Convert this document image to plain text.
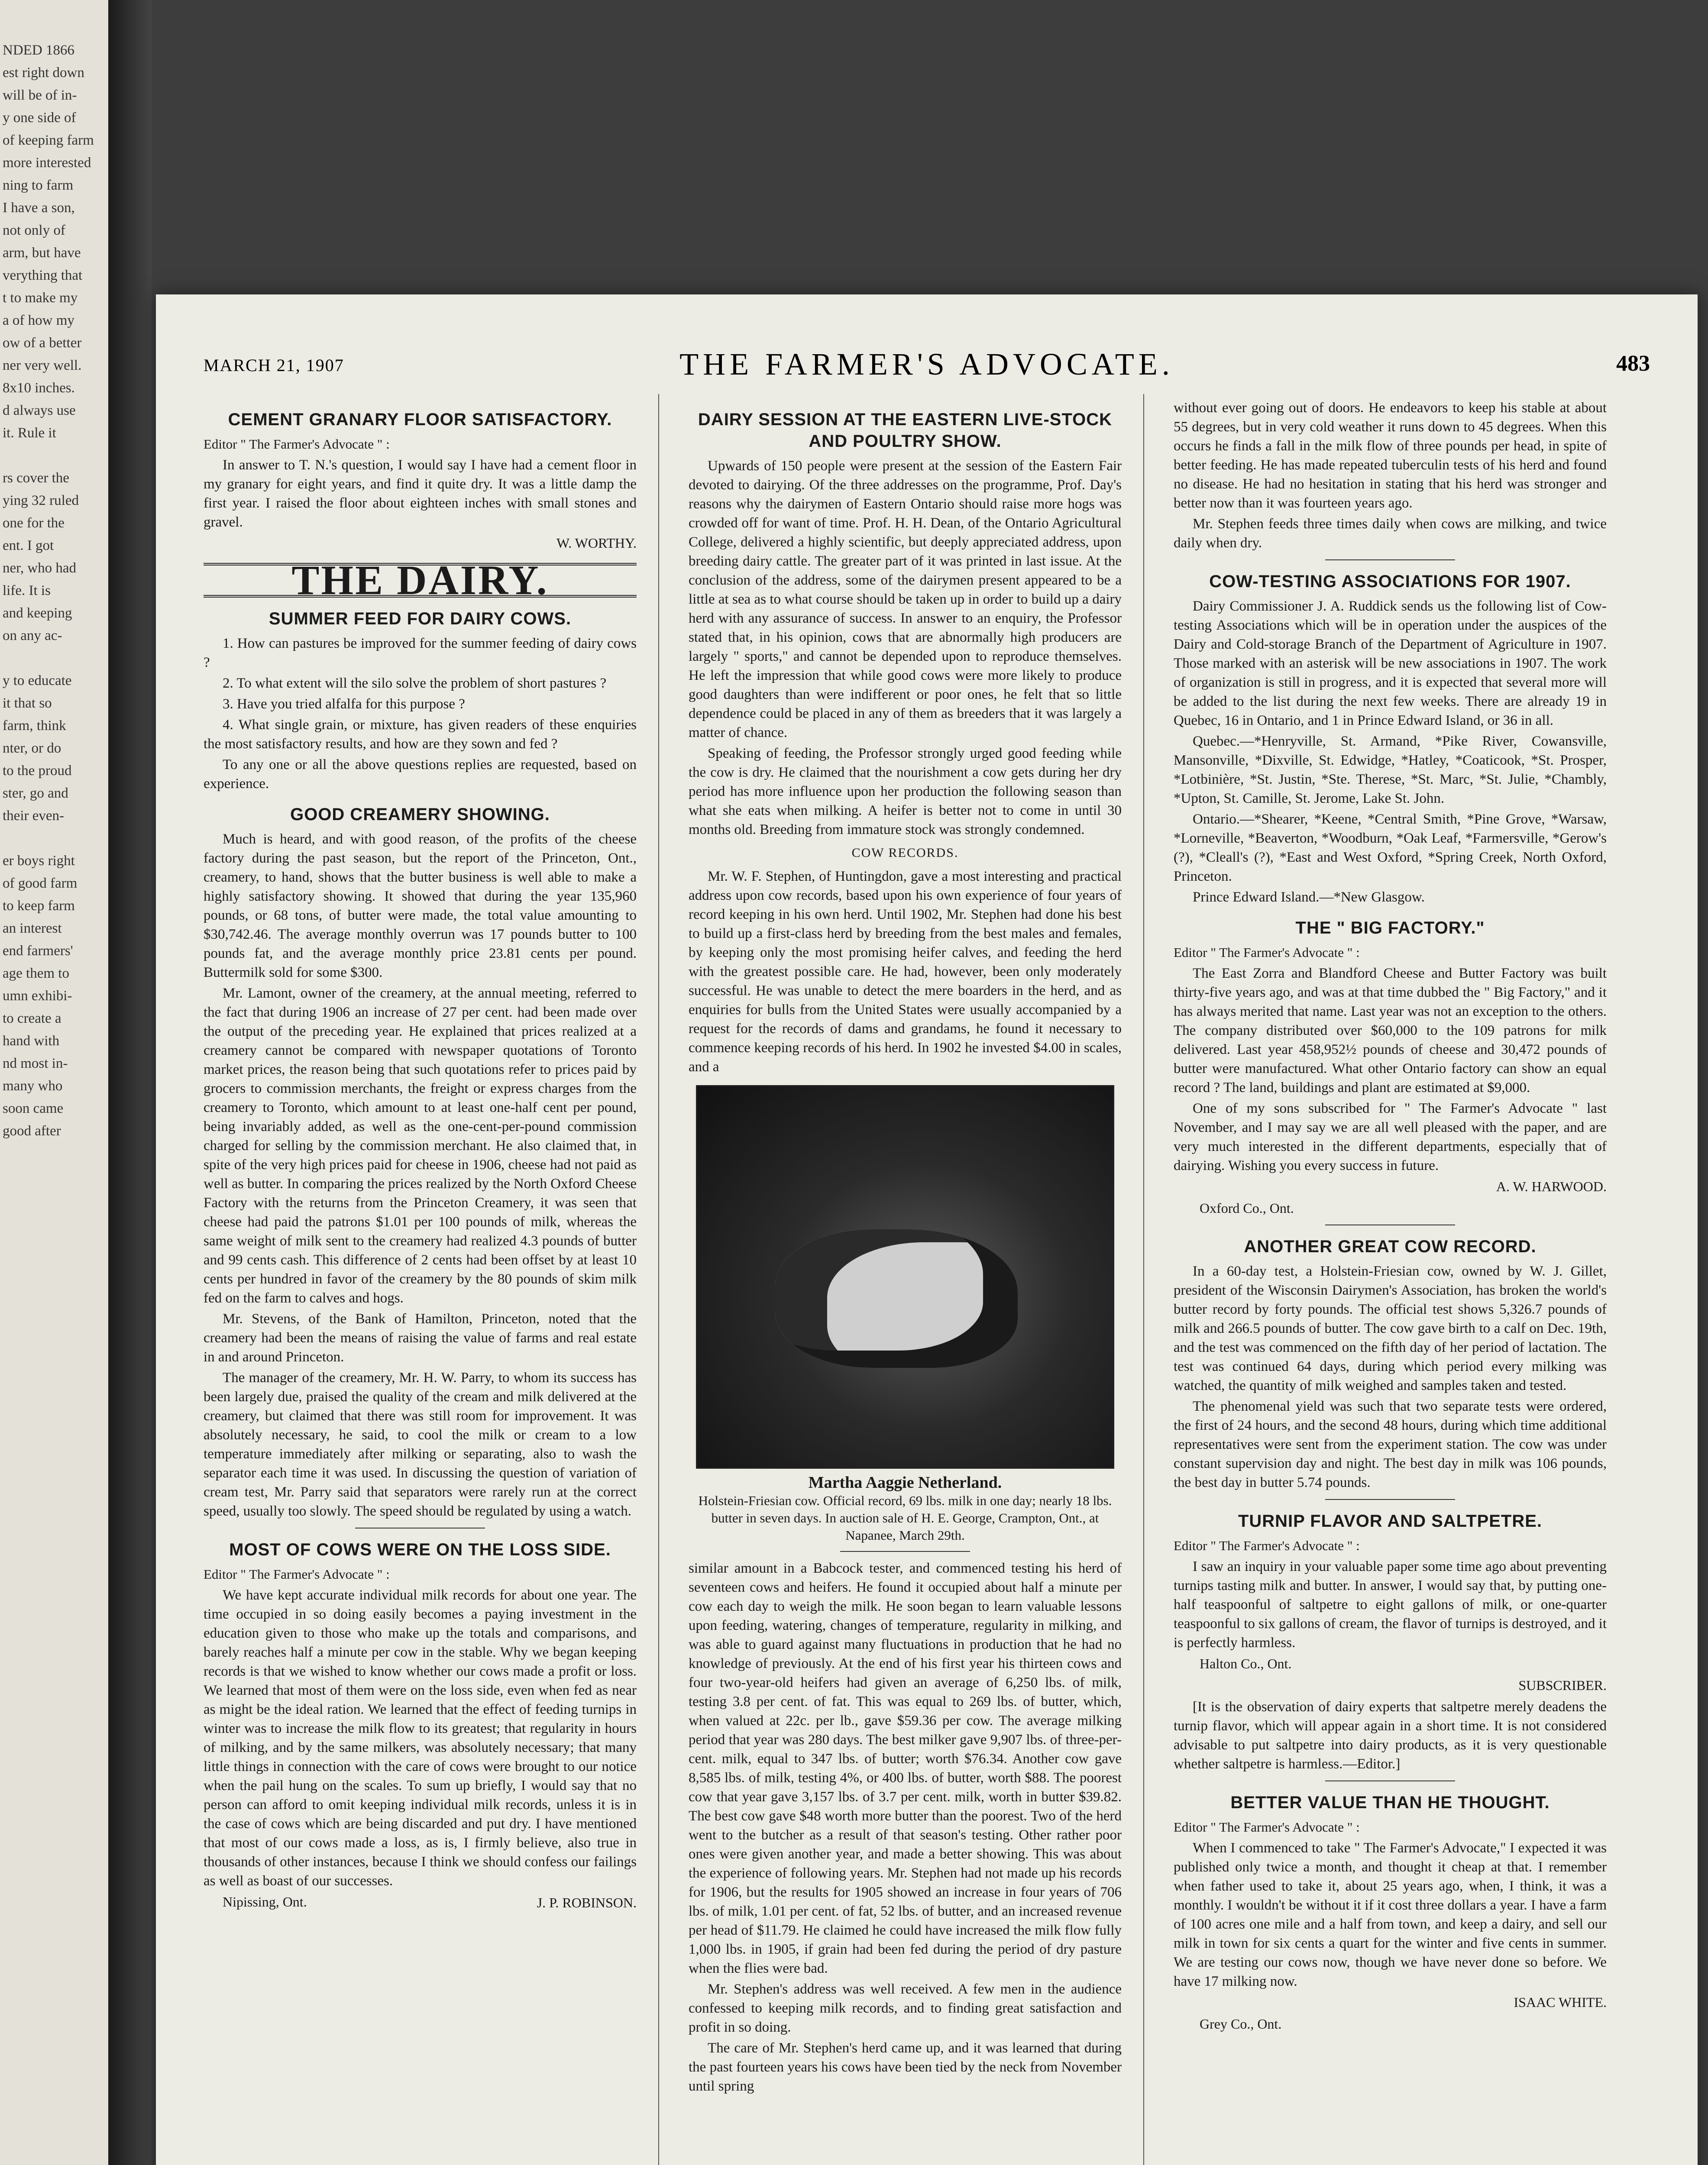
NDED 1866
est right down
will be of in-
y one side of
of keeping farm
more interested
ning to farm
I have a son,
not only of
arm, but have
verything that
t to make my
a of how my
ow of a better
ner very well.
8x10 inches.
d always use
it. Rule it
rs cover the
ying 32 ruled
one for the
ent. I got
ner, who had
life. It is
and keeping
on any ac-
y to educate
it that so
farm, think
nter, or do
to the proud
ster, go and
their even-
er boys right
of good farm
to keep farm
an interest
end farmers'
age them to
umn exhibi-
to create a
hand with
nd most in-
many who
soon came
good after
MARCH 21, 1907	THE FARMER'S ADVOCATE.	483
CEMENT GRANARY FLOOR SATISFACTORY.
Editor " The Farmer's Advocate " :

In answer to T. N.'s question, I would say I have had a cement floor in my granary for eight years, and find it quite dry. It was a little damp the first year. I raised the floor about eighteen inches with small stones and gravel.

W. WORTHY.
THE DAIRY.
SUMMER FEED FOR DAIRY COWS.

1. How can pastures be improved for the summer feeding of dairy cows ?

2. To what extent will the silo solve the problem of short pastures ?

3. Have you tried alfalfa for this purpose ?

4. What single grain, or mixture, has given readers of these enquiries the most satisfactory results, and how are they sown and fed ?

To any one or all the above questions replies are requested, based on experience.

GOOD CREAMERY SHOWING.

Much is heard, and with good reason, of the profits of the cheese factory during the past season, but the report of the Princeton, Ont., creamery, to hand, shows that the butter business is well able to make a highly satisfactory showing. It showed that during the year 135,960 pounds, or 68 tons, of butter were made, the total value amounting to $30,742.46. The average monthly overrun was 17 pounds butter to 100 pounds fat, and the average monthly price 23.81 cents per pound. Buttermilk sold for some $300.

Mr. Lamont, owner of the creamery, at the annual meeting, referred to the fact that during 1906 an increase of 27 per cent. had been made over the output of the preceding year. He explained that prices realized at a creamery cannot be compared with newspaper quotations of Toronto market prices, the reason being that such quotations refer to prices paid by grocers to commission merchants, the freight or express charges from the creamery to Toronto, which amount to at least one-half cent per pound, being invariably added, as well as the one-cent-per-pound commission charged for selling by the commission merchant. He also claimed that, in spite of the very high prices paid for cheese in 1906, cheese had not paid as well as butter. In comparing the prices realized by the North Oxford Cheese Factory with the returns from the Princeton Creamery, it was seen that cheese had paid the patrons $1.01 per 100 pounds of milk, whereas the same weight of milk sent to the creamery had realized 4.3 pounds of butter and 99 cents cash. This difference of 2 cents had been offset by at least 10 cents per hundred in favor of the creamery by the 80 pounds of skim milk fed on the farm to calves and hogs.

Mr. Stevens, of the Bank of Hamilton, Princeton, noted that the creamery had been the means of raising the value of farms and real estate in and around Princeton.

The manager of the creamery, Mr. H. W. Parry, to whom its success has been largely due, praised the quality of the cream and milk delivered at the creamery, but claimed that there was still room for improvement. It was absolutely necessary, he said, to cool the milk or cream to a low temperature immediately after milking or separating, also to wash the separator each time it was used. In discussing the question of variation of cream test, Mr. Parry said that separators were rarely run at the correct speed, usually too slowly. The speed should be regulated by using a watch.

MOST OF COWS WERE ON THE LOSS SIDE.
Editor " The Farmer's Advocate " :

We have kept accurate individual milk records for about one year. The time occupied in so doing easily becomes a paying investment in the education given to those who make up the totals and comparisons, and barely reaches half a minute per cow in the stable. Why we began keeping records is that we wished to know whether our cows made a profit or loss. We learned that most of them were on the loss side, even when fed as near as might be the ideal ration. We learned that the effect of feeding turnips in winter was to increase the milk flow to its greatest; that regularity in hours of milking, and by the same milkers, was absolutely necessary; that many little things in connection with the care of cows were brought to our notice when the pail hung on the scales. To sum up briefly, I would say that no person can afford to omit keeping individual milk records, unless it is in the case of cows which are being discarded and put dry. I have mentioned that most of our cows made a loss, as is, I firmly believe, also true in thousands of other instances, because I think we should confess our failings as well as boast of our successes.

Nipissing, Ont.	J. P. ROBINSON.
DAIRY SESSION AT THE EASTERN LIVE-STOCK AND POULTRY SHOW.

Upwards of 150 people were present at the session of the Eastern Fair devoted to dairying. Of the three addresses on the programme, Prof. Day's reasons why the dairymen of Eastern Ontario should raise more hogs was crowded off for want of time. Prof. H. H. Dean, of the Ontario Agricultural College, delivered a highly scientific, but deeply appreciated address, upon breeding dairy cattle. The greater part of it was printed in last issue. At the conclusion of the address, some of the dairymen present appeared to be a little at sea as to what course should be taken up in order to build up a dairy herd with any assurance of success. In answer to an enquiry, the Professor stated that, in his opinion, cows that are abnormally high producers are largely " sports," and cannot be depended upon to reproduce themselves. He left the impression that while good cows were more likely to produce good daughters than were indifferent or poor ones, he felt that so little dependence could be placed in any of them as breeders that it was largely a matter of chance.

Speaking of feeding, the Professor strongly urged good feeding while the cow is dry. He claimed that the nourishment a cow gets during her dry period has more influence upon her production the following season than what she eats when milking. A heifer is better not to come in until 30 months old. Breeding from immature stock was strongly condemned.

COW RECORDS.

Mr. W. F. Stephen, of Huntingdon, gave a most interesting and practical address upon cow records, based upon his own experience of four years of record keeping in his own herd. Until 1902, Mr. Stephen had done his best to build up a first-class herd by breeding from the best males and females, by keeping only the most promising heifer calves, and feeding the herd with the greatest possible care. He had, however, been only moderately successful. He was unable to detect the mere boarders in the herd, and as enquiries for bulls from the United States were usually accompanied by a request for the records of dams and grandams, he found it necessary to commence keeping records of his herd. In 1902 he invested $4.00 in scales, and a

Martha Aaggie Netherland.
Holstein-Friesian cow. Official record, 69 lbs. milk in one day; nearly 18 lbs. butter in seven days. In auction sale of H. E. George, Crampton, Ont., at Napanee, March 29th.

similar amount in a Babcock tester, and commenced testing his herd of seventeen cows and heifers. He found it occupied about half a minute per cow each day to weigh the milk. He soon began to learn valuable lessons upon feeding, watering, changes of temperature, regularity in milking, and was able to guard against many fluctuations in production that he had no knowledge of previously. At the end of his first year his thirteen cows and four two-year-old heifers had given an average of 6,250 lbs. of milk, testing 3.8 per cent. of fat. This was equal to 269 lbs. of butter, which, when valued at 22c. per lb., gave $59.36 per cow. The average milking period that year was 280 days. The best milker gave 9,907 lbs. of three-per-cent. milk, equal to 347 lbs. of butter; worth $76.34. Another cow gave 8,585 lbs. of milk, testing 4%, or 400 lbs. of butter, worth $88. The poorest cow that year gave 3,157 lbs. of 3.7 per cent. milk, worth in butter $39.82. The best cow gave $48 worth more butter than the poorest. Two of the herd went to the butcher as a result of that season's testing. Other rather poor ones were given another year, and made a better showing. This was about the experience of following years. Mr. Stephen had not made up his records for 1906, but the results for 1905 showed an increase in four years of 706 lbs. of milk, 1.01 per cent. of fat, 52 lbs. of butter, and an increased revenue per head of $11.79. He claimed he could have increased the milk flow fully 1,000 lbs. in 1905, if grain had been fed during the period of dry pasture when the flies were bad.

Mr. Stephen's address was well received. A few men in the audience confessed to keeping milk records, and to finding great satisfaction and profit in so doing.

The care of Mr. Stephen's herd came up, and it was learned that during the past fourteen years his cows have been tied by the neck from November until spring

without ever going out of doors. He endeavors to keep his stable at about 55 degrees, but in very cold weather it runs down to 45 degrees. When this occurs he finds a fall in the milk flow of three pounds per head, in spite of better feeding. He has made repeated tuberculin tests of his herd and found no disease. He had no hesitation in stating that his herd was stronger and better now than it was fourteen years ago.

Mr. Stephen feeds three times daily when cows are milking, and twice daily when dry.

COW-TESTING ASSOCIATIONS FOR 1907.

Dairy Commissioner J. A. Ruddick sends us the following list of Cow-testing Associations which will be in operation under the auspices of the Dairy and Cold-storage Branch of the Department of Agriculture in 1907. Those marked with an asterisk will be new associations in 1907. The work of organization is still in progress, and it is expected that several more will be added to the list during the next few weeks. There are already 19 in Quebec, 16 in Ontario, and 1 in Prince Edward Island, or 36 in all.

Quebec.—*Henryville, St. Armand, *Pike River, Cowansville, Mansonville, *Dixville, St. Edwidge, *Hatley, *Coaticook, *St. Prosper, *Lotbinière, *St. Justin, *Ste. Therese, *St. Marc, *St. Julie, *Chambly, *Upton, St. Camille, St. Jerome, Lake St. John.

Ontario.—*Shearer, *Keene, *Central Smith, *Pine Grove, *Warsaw, *Lorneville, *Beaverton, *Woodburn, *Oak Leaf, *Farmersville, *Gerow's (?), *Cleall's (?), *East and West Oxford, *Spring Creek, North Oxford, Princeton.

Prince Edward Island.—*New Glasgow.

THE " BIG FACTORY."
Editor " The Farmer's Advocate " :

The East Zorra and Blandford Cheese and Butter Factory was built thirty-five years ago, and was at that time dubbed the " Big Factory," and it has always merited that name. Last year was not an exception to the others. The company distributed over $60,000 to the 109 patrons for milk delivered. Last year 458,952½ pounds of cheese and 30,472 pounds of butter were manufactured. What other Ontario factory can show an equal record ? The land, buildings and plant are estimated at $9,000.

One of my sons subscribed for " The Farmer's Advocate " last November, and I may say we are all well pleased with the paper, and are very much interested in the different departments, especially that of dairying. Wishing you every success in future.

A. W. HARWOOD.
Oxford Co., Ont.
ANOTHER GREAT COW RECORD.

In a 60-day test, a Holstein-Friesian cow, owned by W. J. Gillet, president of the Wisconsin Dairymen's Association, has broken the world's butter record by forty pounds. The official test shows 5,326.7 pounds of milk and 266.5 pounds of butter. The cow gave birth to a calf on Dec. 19th, and the test was commenced on the fifth day of her period of lactation. The test was continued 64 days, during which period every milking was watched, the quantity of milk weighed and samples taken and tested.

The phenomenal yield was such that two separate tests were ordered, the first of 24 hours, and the second 48 hours, during which time additional representatives were sent from the experiment station. The cow was under constant supervision day and night. The best day in milk was 106 pounds, the best day in butter 5.74 pounds.

TURNIP FLAVOR AND SALTPETRE.
Editor " The Farmer's Advocate " :

I saw an inquiry in your valuable paper some time ago about preventing turnips tasting milk and butter. In answer, I would say that, by putting one-half teaspoonful of saltpetre to eight gallons of milk, or one-quarter teaspoonful to six gallons of cream, the flavor of turnips is destroyed, and it is perfectly harmless.

Halton Co., Ont.
SUBSCRIBER.

[It is the observation of dairy experts that saltpetre merely deadens the turnip flavor, which will appear again in a short time. It is not considered advisable to put saltpetre into dairy products, as it is very questionable whether saltpetre is harmless.—Editor.]

BETTER VALUE THAN HE THOUGHT.
Editor " The Farmer's Advocate " :

When I commenced to take " The Farmer's Advocate," I expected it was published only twice a month, and thought it cheap at that. I remember when father used to take it, about 25 years ago, when, I think, it was a monthly. I wouldn't be without it if it cost three dollars a year. I have a farm of 100 acres one mile and a half from town, and keep a dairy, and sell our milk in town for six cents a quart for the winter and five cents in summer. We are testing our cows now, though we have never done so before. We have 17 milking now.

ISAAC WHITE.
Grey Co., Ont.
